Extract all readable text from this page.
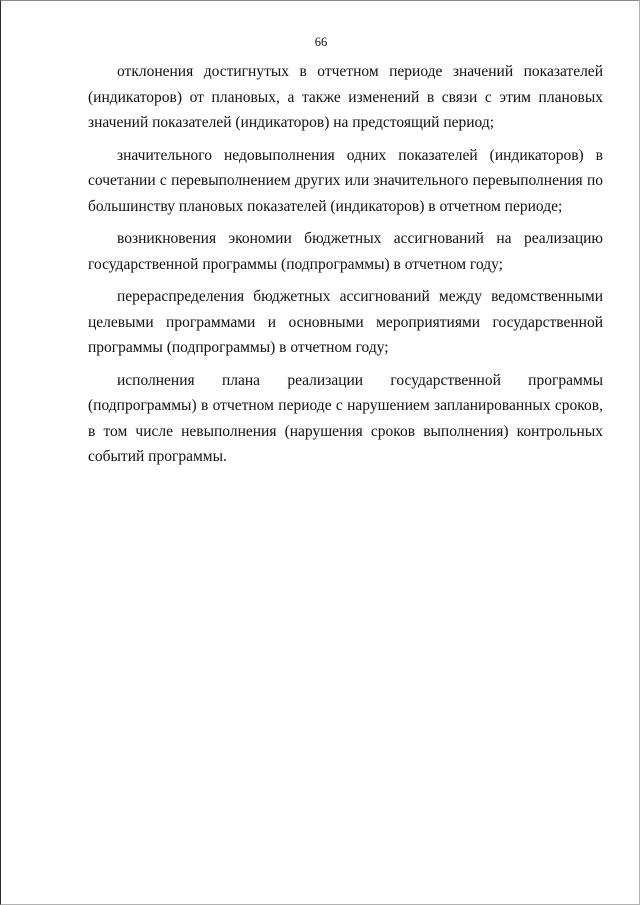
66

отклонения достигнутых в отчетном периоде значений показателей (индикаторов) от плановых, а также изменений в связи с этим плановых значений показателей (индикаторов) на предстоящий период;

значительного недовыполнения одних показателей (индикаторов) в сочетании с перевыполнением других или значительного перевыполнения по большинству плановых показателей (индикаторов) в отчетном периоде;

возникновения экономии бюджетных ассигнований на реализацию государственной программы (подпрограммы) в отчетном году;

перераспределения бюджетных ассигнований между ведомственными целевыми программами и основными мероприятиями государственной программы (подпрограммы) в отчетном году;

исполнения плана реализации государственной программы (подпрограммы) в отчетном периоде с нарушением запланированных сроков, в том числе невыполнения (нарушения сроков выполнения) контрольных событий программы.
